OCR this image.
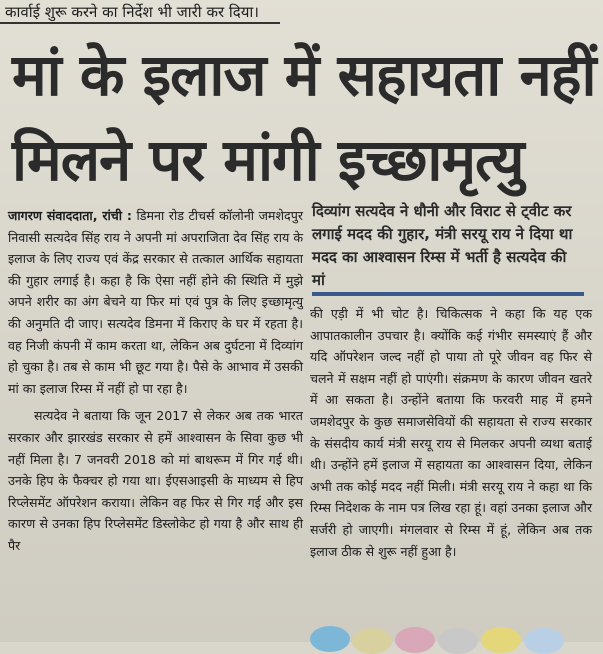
कार्वाई शुरू करने का निर्देश भी जारी कर दिया।
मां के इलाज में सहायता नहीं
मिलने पर मांगी इच्छामृत्यु

जागरण संवाददाता, रांची : डिमना रोड टीचर्स कॉलोनी जमशेदपुर निवासी सत्यदेव सिंह राय ने अपनी मां अपराजिता देव सिंह राय के इलाज के लिए राज्य एवं केंद्र सरकार से तत्काल आर्थिक सहायता की गुहार लगाई है। कहा है कि ऐसा नहीं होने की स्थिति में मुझे अपने शरीर का अंग बेचने या फिर मां एवं पुत्र के लिए इच्छामृत्यु की अनुमति दी जाए। सत्यदेव डिमना में किराए के घर में रहता है। वह निजी कंपनी में काम करता था, लेकिन अब दुर्घटना में दिव्यांग हो चुका है। तब से काम भी छूट गया है। पैसे के आभाव में उसकी मां का इलाज रिम्स में नहीं हो पा रहा है।

सत्यदेव ने बताया कि जून 2017 से लेकर अब तक भारत सरकार और झारखंड सरकार से हमें आश्वासन के सिवा कुछ भी नहीं मिला है। 7 जनवरी 2018 को मां बाथरूम में गिर गई थी। उनके हिप के फैक्चर हो गया था। ईएसआइसी के माध्यम से हिप रिप्लेसमेंट ऑपरेशन कराया। लेकिन वह फिर से गिर गई और इस कारण से उनका हिप रिप्लेसमेंट डिस्लोकेट हो गया है और साथ ही पैर

दिव्यांग सत्यदेव ने धौनी और विराट से ट्वीट कर लगाई मदद की गुहार, मंत्री सरयू राय ने दिया था मदद का आश्वासन रिम्स में भर्ती है सत्यदेव की मां

की एड़ी में भी चोट है। चिकित्सक ने कहा कि यह एक आपातकालीन उपचार है। क्योंकि कई गंभीर समस्याएं हैं और यदि ऑपरेशन जल्द नहीं हो पाया तो पूरे जीवन वह फिर से चलने में सक्षम नहीं हो पाएंगी। संक्रमण के कारण जीवन खतरे में आ सकता है। उन्होंने बताया कि फरवरी माह में हमने जमशेदपुर के कुछ समाजसेवियों की सहायता से राज्य सरकार के संसदीय कार्य मंत्री सरयू राय से मिलकर अपनी व्यथा बताई थी। उन्होंने हमें इलाज में सहायता का आश्वासन दिया, लेकिन अभी तक कोई मदद नहीं मिली। मंत्री सरयू राय ने कहा था कि रिम्स निदेशक के नाम पत्र लिख रहा हूं। वहां उनका इलाज और सर्जरी हो जाएगी। मंगलवार से रिम्स में हूं, लेकिन अब तक इलाज ठीक से शुरू नहीं हुआ है।
